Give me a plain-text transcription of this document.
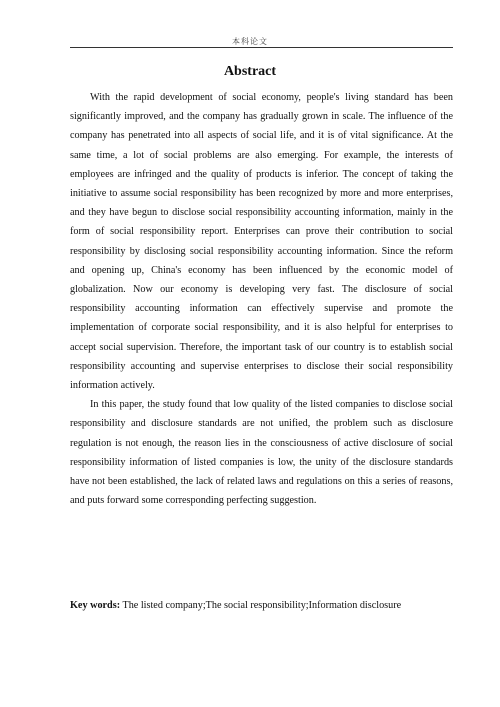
本科论文
Abstract

With the rapid development of social economy, people's living standard has been significantly improved, and the company has gradually grown in scale. The influence of the company has penetrated into all aspects of social life, and it is of vital significance. At the same time, a lot of social problems are also emerging. For example, the interests of employees are infringed and the quality of products is inferior. The concept of taking the initiative to assume social responsibility has been recognized by more and more enterprises, and they have begun to disclose social responsibility accounting information, mainly in the form of social responsibility report. Enterprises can prove their contribution to social responsibility by disclosing social responsibility accounting information. Since the reform and opening up, China's economy has been influenced by the economic model of globalization. Now our economy is developing very fast. The disclosure of social responsibility accounting information can effectively supervise and promote the implementation of corporate social responsibility, and it is also helpful for enterprises to accept social supervision. Therefore, the important task of our country is to establish social responsibility accounting and supervise enterprises to disclose their social responsibility information actively.

In this paper, the study found that low quality of the listed companies to disclose social responsibility and disclosure standards are not unified, the problem such as disclosure regulation is not enough, the reason lies in the consciousness of active disclosure of social responsibility information of listed companies is low, the unity of the disclosure standards have not been established, the lack of related laws and regulations on this a series of reasons, and puts forward some corresponding perfecting suggestion.

Key words: The listed company;The social responsibility;Information disclosure
